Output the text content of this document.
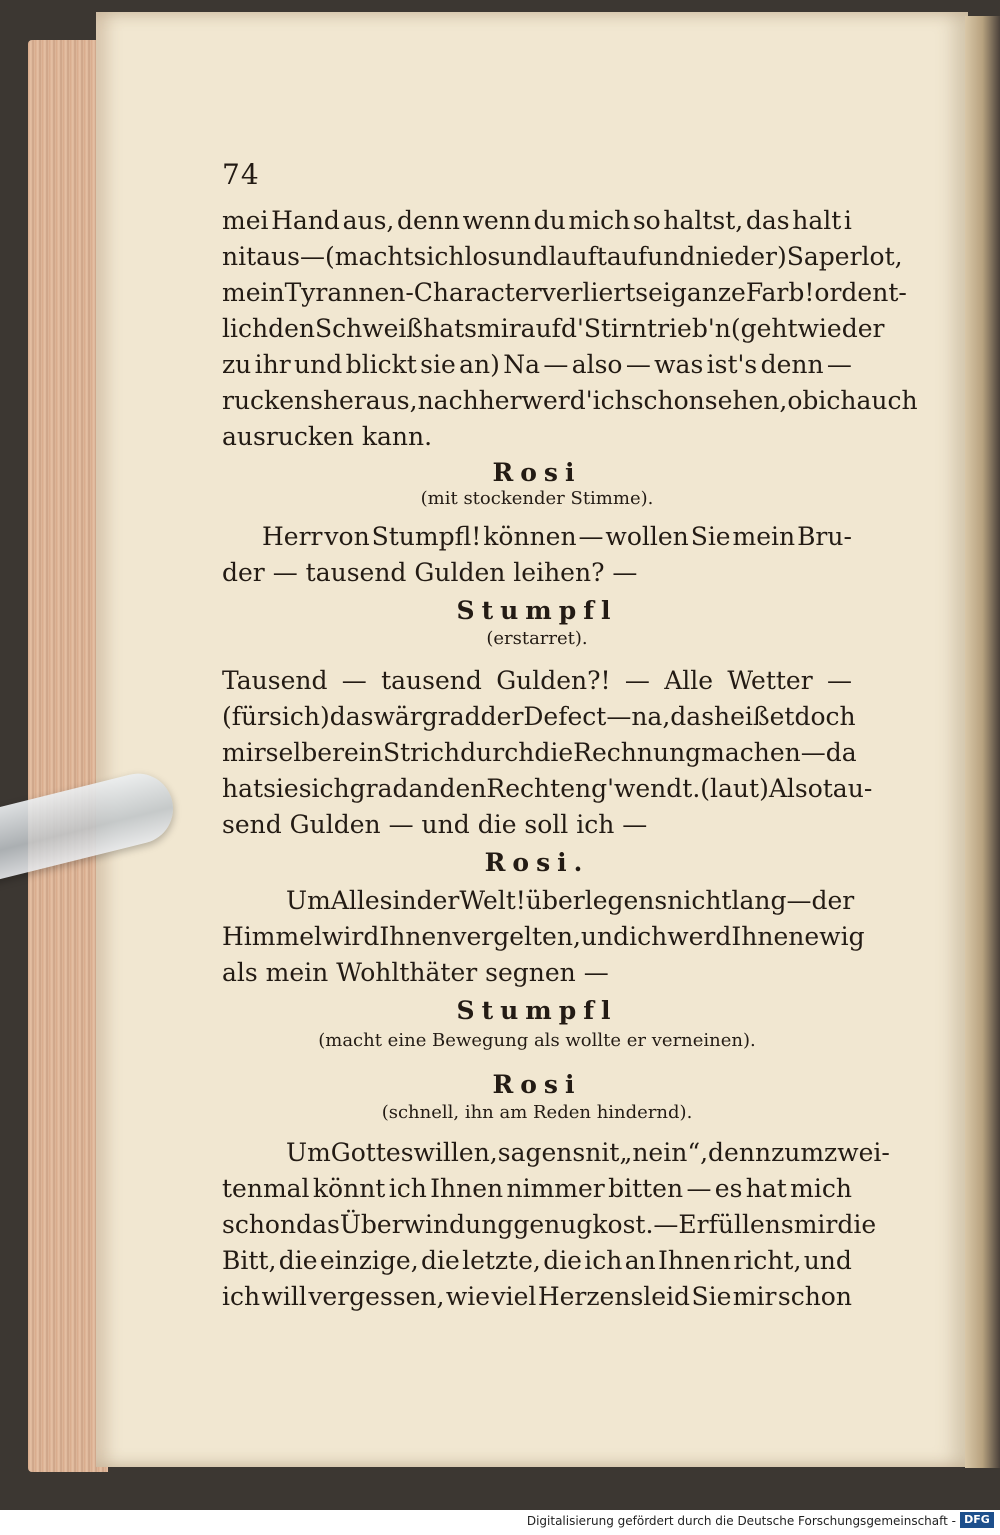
74
mei Hand aus, denn wenn du mich so haltst, das halt i
nit aus — (macht sich los und lauft auf und nieder) Saperlot,
mein Tyrannen-Character verliert sei ganze Farb! ordent-
lich den Schweiß hats mir auf d'Stirn trieb'n (geht wieder
zu ihr und blickt sie an) Na — also — was ist's denn —
ruckens heraus, nachher werd' ich schon sehen, ob ich auch
ausrucken kann.
Rosi
(mit stockender Stimme).
Herr von Stumpfl! können — wollen Sie mein Bru-
der — tausend Gulden leihen? —
Stumpfl
(erstarret).
Tausend — tausend Gulden?! — Alle Wetter —
(für sich) das wär grad der Defect — na, das heißet doch
mir selber ein Strich durch die Rechnung machen — da
hat sie sich grad an den Rechten g'wendt. (laut) Also tau-
send Gulden — und die soll ich —
Rosi.
Um Alles in der Welt! überlegens nicht lang — der
Himmel wird Ihnen vergelten, und ich werd Ihnen ewig
als mein Wohlthäter segnen —
Stumpfl
(macht eine Bewegung als wollte er verneinen).
Rosi
(schnell, ihn am Reden hindernd).
Um Gotteswillen, sagens nit „nein“, denn zum zwei-
tenmal könnt ich Ihnen nimmer bitten — es hat mich
schon das Überwindung genug kost. — Erfüllens mir die
Bitt, die einzige, die letzte, die ich an Ihnen richt, und
ich will vergessen, wie viel Herzensleid Sie mir schon
Digitalisierung gefördert durch die Deutsche Forschungsgemeinschaft - DFG
